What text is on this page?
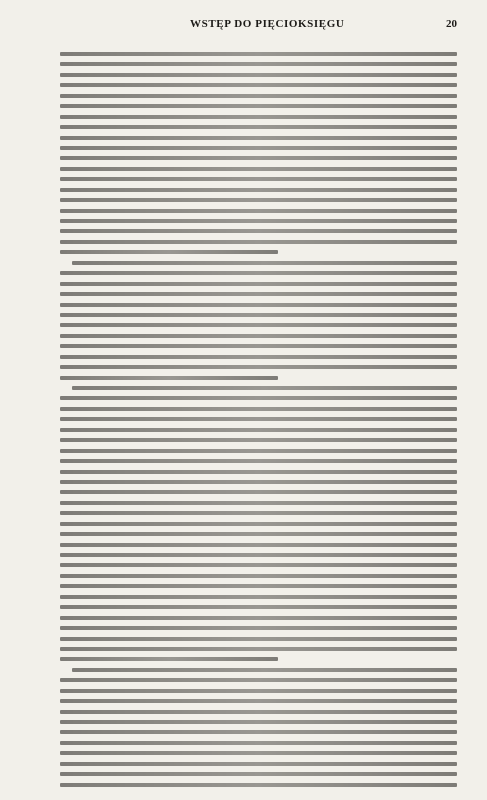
WSTĘP DO PIĘCIOKSIĘGU	20
